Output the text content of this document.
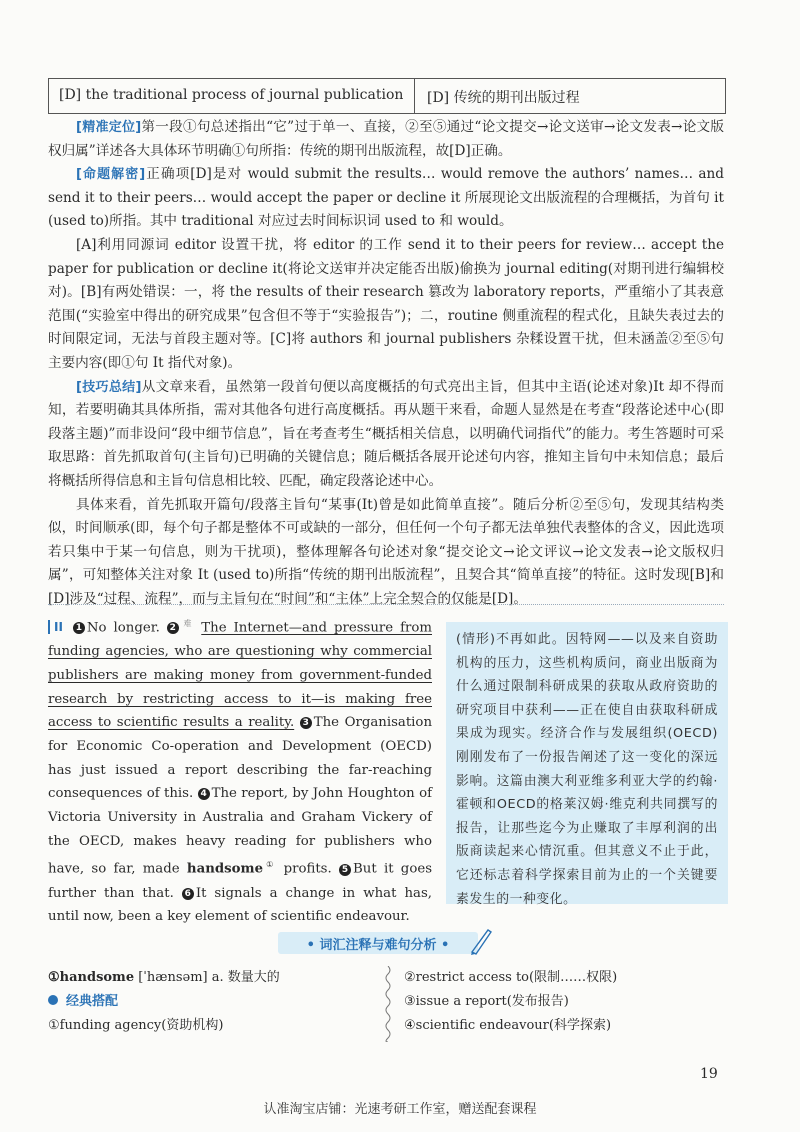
[D] the traditional process of journal publication	[D] 传统的期刊出版过程

[精准定位]第一段①句总述指出“它”过于单一、直接，②至⑤通过“论文提交→论文送审→论文发表→论文版权归属”详述各大具体环节明确①句所指：传统的期刊出版流程，故[D]正确。

[命题解密]正确项[D]是对 would submit the results… would remove the authors’ names… and send it to their peers… would accept the paper or decline it 所展现论文出版流程的合理概括，为首句 it (used to)所指。其中 traditional 对应过去时间标识词 used to 和 would。

[A]利用同源词 editor 设置干扰，将 editor 的工作 send it to their peers for review… accept the paper for publication or decline it(将论文送审并决定能否出版)偷换为 journal editing(对期刊进行编辑校对)。[B]有两处错误：一，将 the results of their research 篡改为 laboratory reports，严重缩小了其表意范围(“实验室中得出的研究成果”包含但不等于“实验报告”)；二，routine 侧重流程的程式化，且缺失表过去的时间限定词，无法与首段主题对等。[C]将 authors 和 journal publishers 杂糅设置干扰，但未涵盖②至⑤句主要内容(即①句 It 指代对象)。

[技巧总结]从文章来看，虽然第一段首句便以高度概括的句式亮出主旨，但其中主语(论述对象)It 却不得而知，若要明确其具体所指，需对其他各句进行高度概括。再从题干来看，命题人显然是在考查“段落论述中心(即段落主题)”而非设问“段中细节信息”，旨在考查考生“概括相关信息，以明确代词指代”的能力。考生答题时可采取思路：首先抓取首句(主旨句)已明确的关键信息；随后概括各展开论述句内容，推知主旨句中未知信息；最后将概括所得信息和主旨句信息相比较、匹配，确定段落论述中心。

具体来看，首先抓取开篇句/段落主旨句“某事(It)曾是如此简单直接”。随后分析②至⑤句，发现其结构类似，时间顺承(即，每个句子都是整体不可或缺的一部分，但任何一个句子都无法单独代表整体的含义，因此选项若只集中于某一句信息，则为干扰项)，整体理解各句论述对象“提交论文→论文评议→论文发表→论文版权归属”，可知整体关注对象 It (used to)所指“传统的期刊出版流程”，且契合其“简单直接”的特征。这时发现[B]和[D]涉及“过程、流程”，而与主旨句在“时间”和“主体”上完全契合的仅能是[D]。

II 1 No longer. 2 $^难$ The Internet—and pressure from funding agencies, who are questioning why commercial publishers are making money from government-funded research by restricting access to it—is making free access to scientific results a reality. 3 The Organisation for Economic Co-operation and Development (OECD) has just issued a report describing the far-reaching consequences of this. 4 The report, by John Houghton of Victoria University in Australia and Graham Vickery of the OECD, makes heavy reading for publishers who have, so far, made handsome① profits. 5 But it goes further than that. 6 It signals a change in what has, until now, been a key element of scientific endeavour.

(情形)不再如此。因特网——以及来自资助机构的压力，这些机构质问，商业出版商为什么通过限制科研成果的获取从政府资助的研究项目中获利——正在使自由获取科研成果成为现实。经济合作与发展组织(OECD)刚刚发布了一份报告阐述了这一变化的深远影响。这篇由澳大利亚维多利亚大学的约翰·霍顿和OECD的格莱汉姆·维克利共同撰写的报告，让那些迄今为止赚取了丰厚利润的出版商读起来心情沉重。但其意义不止于此，它还标志着科学探索目前为止的一个关键要素发生的一种变化。
• 词汇注释与难句分析 •
①handsome [ˈhænsəm] a. 数量大的
经典搭配
①funding agency(资助机构)
②restrict access to(限制……权限)
③issue a report(发布报告)
④scientific endeavour(科学探索)
19
认准淘宝店铺：光速考研工作室，赠送配套课程
